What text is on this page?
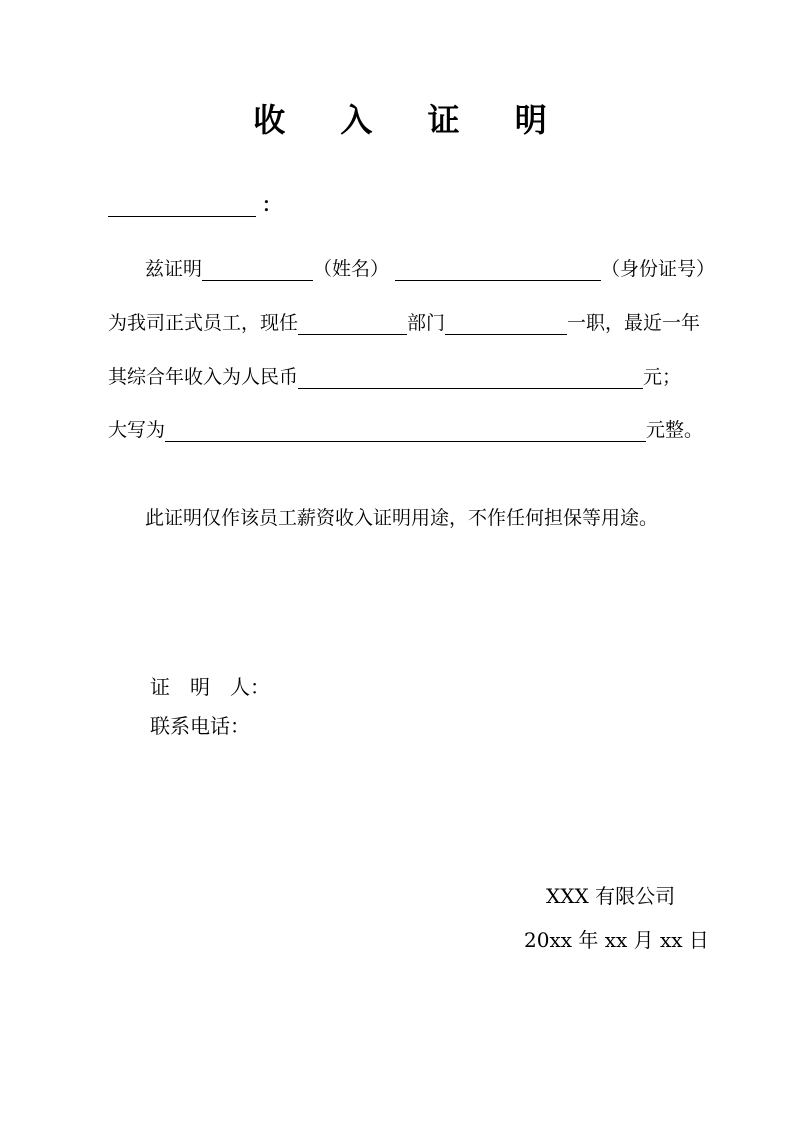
收 入 证 明
：
兹证明	（姓名）	（身份证号）
为我司正式员工，现任	部门	一职，最近一年
其综合年收入为人民币	元；
大写为	元整。
此证明仅作该员工薪资收入证明用途，不作任何担保等用途。
证　明　人：
联系电话：
XXX 有限公司
20xx 年 xx 月 xx 日
